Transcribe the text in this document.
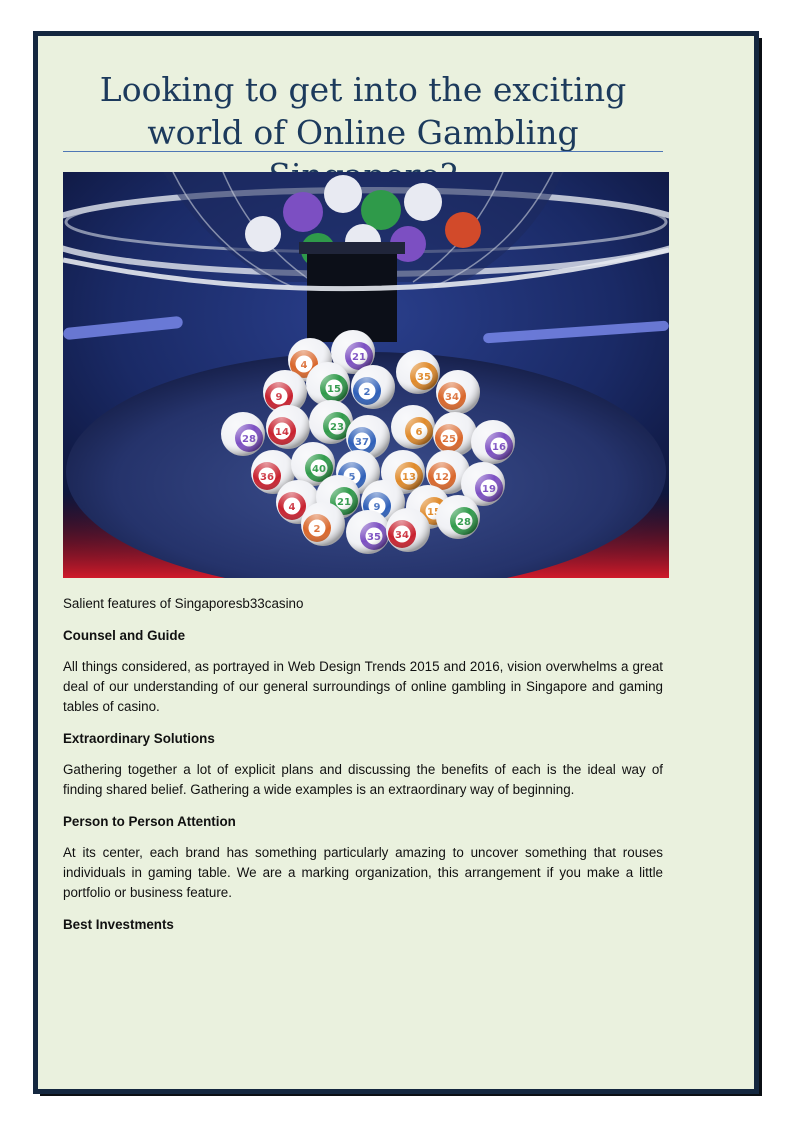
Looking to get into the exciting world of Online Gambling

Salient features of Singaporesb33casino

Counsel and Guide

All things considered, as portrayed in Web Design Trends 2015 and 2016, vision overwhelms a great deal of our understanding of our general surroundings of online gambling in Singapore and gaming tables of casino.

Extraordinary Solutions

Gathering together a lot of explicit plans and discussing the benefits of each is the ideal way of finding shared belief. Gathering a wide examples is an extraordinary way of beginning.

Person to Person Attention

At its center, each brand has something particularly amazing to uncover something that rouses individuals in gaming table. We are a marking organization, this arrangement if you make a little portfolio or business feature.

Best Investments
